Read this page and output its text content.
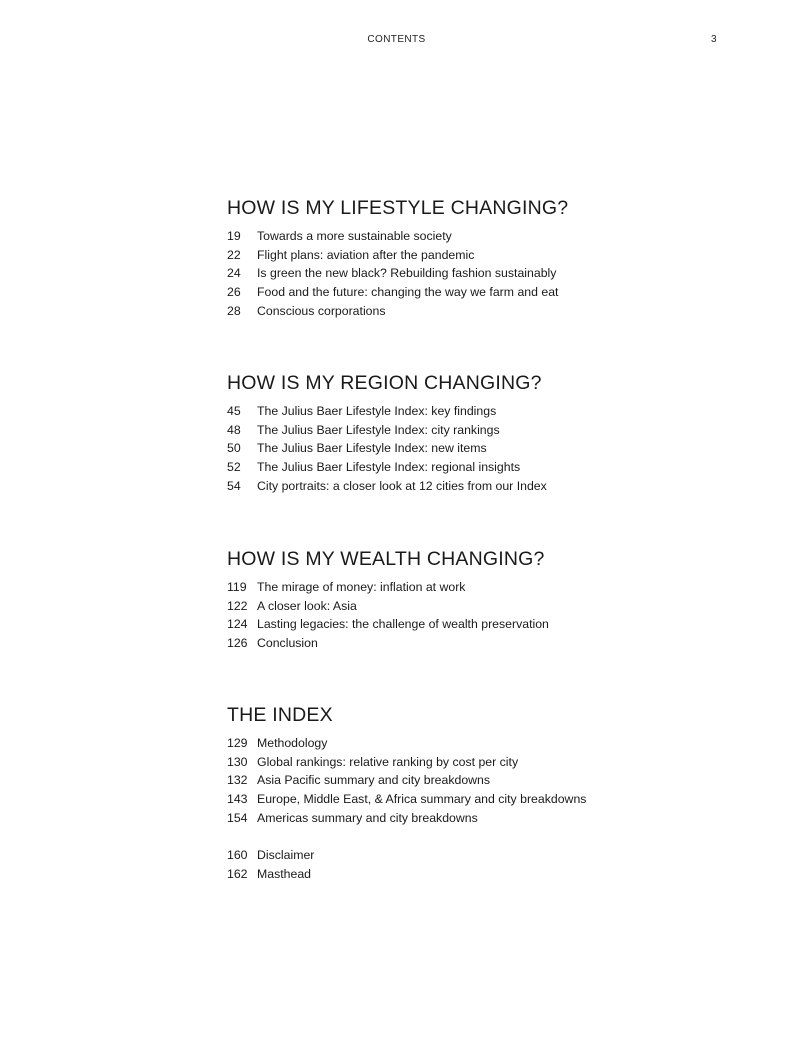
CONTENTS	3
HOW IS MY LIFESTYLE CHANGING?
19	Towards a more sustainable society
22	Flight plans: aviation after the pandemic
24	Is green the new black? Rebuilding fashion sustainably
26	Food and the future: changing the way we farm and eat
28	Conscious corporations
HOW IS MY REGION CHANGING?
45	The Julius Baer Lifestyle Index: key findings
48	The Julius Baer Lifestyle Index: city rankings
50	The Julius Baer Lifestyle Index: new items
52	The Julius Baer Lifestyle Index: regional insights
54	City portraits: a closer look at 12 cities from our Index
HOW IS MY WEALTH CHANGING?
119 The mirage of money: inflation at work
122 A closer look: Asia
124 Lasting legacies: the challenge of wealth preservation
126 Conclusion
THE INDEX
129 Methodology
130 Global rankings: relative ranking by cost per city
132 Asia Pacific summary and city breakdowns
143 Europe, Middle East, & Africa summary and city breakdowns
154 Americas summary and city breakdowns
160 Disclaimer
162 Masthead
